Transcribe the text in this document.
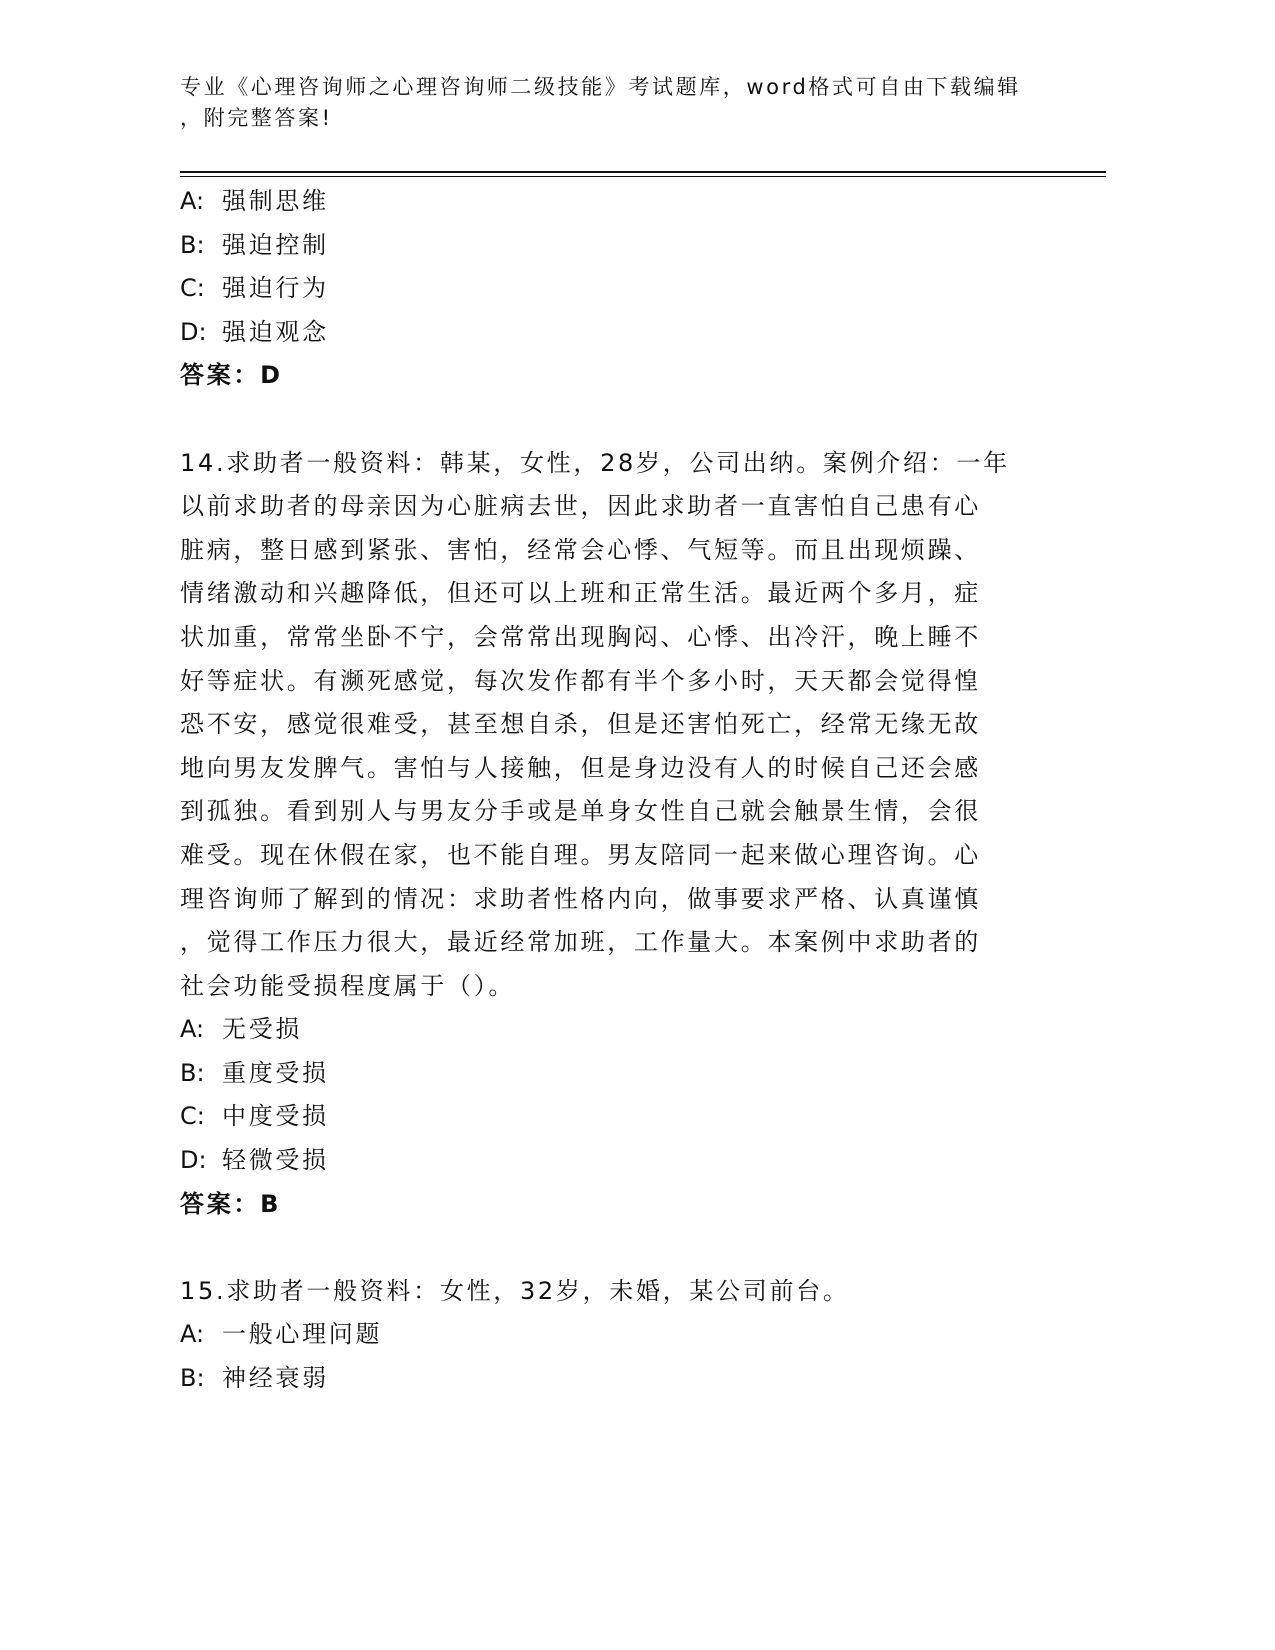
专业《心理咨询师之心理咨询师二级技能》考试题库，word格式可自由下载编辑
，附完整答案!
A: 强制思维
B: 强迫控制
C: 强迫行为
D: 强迫观念
答案：D
14.求助者一般资料：韩某，女性，28岁，公司出纳。案例介绍：一年
以前求助者的母亲因为心脏病去世，因此求助者一直害怕自己患有心
脏病，整日感到紧张、害怕，经常会心悸、气短等。而且出现烦躁、
情绪激动和兴趣降低，但还可以上班和正常生活。最近两个多月，症
状加重，常常坐卧不宁，会常常出现胸闷、心悸、出冷汗，晚上睡不
好等症状。有濒死感觉，每次发作都有半个多小时，天天都会觉得惶
恐不安，感觉很难受，甚至想自杀，但是还害怕死亡，经常无缘无故
地向男友发脾气。害怕与人接触，但是身边没有人的时候自己还会感
到孤独。看到别人与男友分手或是单身女性自己就会触景生情，会很
难受。现在休假在家，也不能自理。男友陪同一起来做心理咨询。心
理咨询师了解到的情况：求助者性格内向，做事要求严格、认真谨慎
，觉得工作压力很大，最近经常加班，工作量大。本案例中求助者的
社会功能受损程度属于（）。
A: 无受损
B: 重度受损
C: 中度受损
D: 轻微受损
答案：B
15.求助者一般资料：女性，32岁，未婚，某公司前台。
A: 一般心理问题
B: 神经衰弱
